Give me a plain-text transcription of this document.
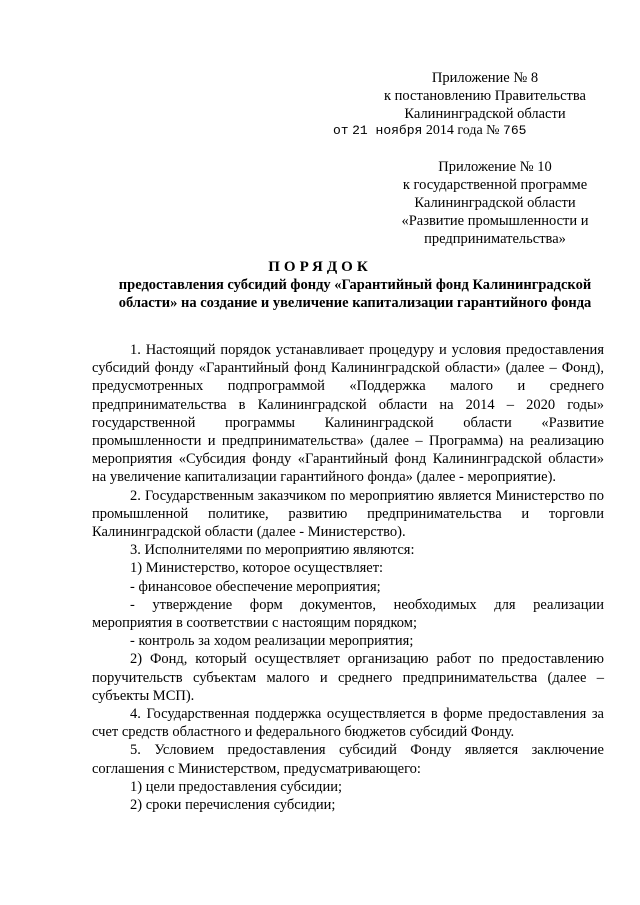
Приложение № 8
к постановлению Правительства
Калининградской области
от 21 ноября 2014 года № 765
Приложение № 10
к государственной программе
Калининградской области
«Развитие промышленности и
предпринимательства»
ПОРЯДОК
предоставления субсидий фонду «Гарантийный фонд Калининградской области» на создание и увеличение капитализации гарантийного фонда

1. Настоящий порядок устанавливает процедуру и условия предоставления субсидий фонду «Гарантийный фонд Калининградской области» (далее – Фонд), предусмотренных подпрограммой «Поддержка малого и среднего предпринимательства в Калининградской области на 2014 – 2020 годы» государственной программы Калининградской области «Развитие промышленности и предпринимательства» (далее – Программа) на реализацию мероприятия «Субсидия фонду «Гарантийный фонд Калининградской области» на увеличение капитализации гарантийного фонда» (далее - мероприятие).

2. Государственным заказчиком по мероприятию является Министерство по промышленной политике, развитию предпринимательства и торговли Калининградской области (далее - Министерство).

3. Исполнителями по мероприятию являются:

1) Министерство, которое осуществляет:

- финансовое обеспечение мероприятия;

- утверждение форм документов, необходимых для реализации мероприятия в соответствии с настоящим порядком;

- контроль за ходом реализации мероприятия;

2) Фонд, который осуществляет организацию работ по предоставлению поручительств субъектам малого и среднего предпринимательства (далее – субъекты МСП).

4. Государственная поддержка осуществляется в форме предоставления за счет средств областного и федерального бюджетов субсидий Фонду.

5. Условием предоставления субсидий Фонду является заключение соглашения с Министерством, предусматривающего:

1) цели предоставления субсидии;

2) сроки перечисления субсидии;
